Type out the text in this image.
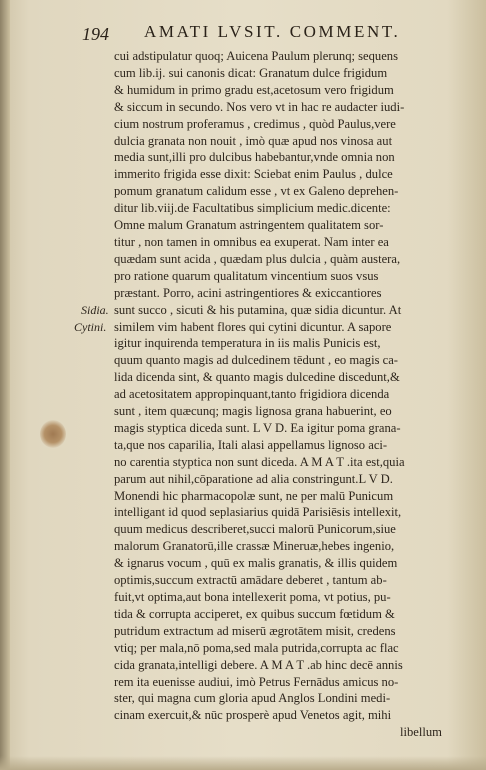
194 AMATI LVSIT. COMMENT.
Sidia.
Cytini.
cui adstipulatur quoq; Auicena Paulum plerunq; sequens
cum lib.ij. sui canonis dicat: Granatum dulce frigidum
& humidum in primo gradu est,acetosum vero frigidum
& siccum in secundo. Nos vero vt in hac re audacter iudi-
cium nostrum proferamus , credimus , quòd Paulus,vere
dulcia granata non nouit , imò quæ apud nos vinosa aut
media sunt,illi pro dulcibus habebantur,vnde omnia non
immerito frigida esse dixit: Sciebat enim Paulus , dulce
pomum granatum calidum esse , vt ex Galeno deprehen-
ditur lib.viij.de Facultatibus simplicium medic.dicente:
Omne malum Granatum astringentem qualitatem sor-
titur , non tamen in omnibus ea exuperat. Nam inter ea
quædam sunt acida , quædam plus dulcia , quàm austera,
pro ratione quarum qualitatum vincentium suos vsus
præstant. Porro, acini astringentiores & exiccantiores
sunt succo , sicuti & his putamina, quæ sidia dicuntur. At
similem vim habent flores qui cytini dicuntur. A sapore
igitur inquirenda temperatura in iis malis Punicis est,
quum quanto magis ad dulcedinem tēdunt , eo magis ca-
lida dicenda sint, & quanto magis dulcedine discedunt,&
ad acetositatem appropinquant,tanto frigidiora dicenda
sunt , item quæcunq; magis lignosa grana habuerint, eo
magis styptica diceda sunt. L V D. Ea igitur poma grana-
ta,que nos caparilia, Itali alasi appellamus lignoso aci-
no carentia styptica non sunt diceda. A M A T .ita est,quia
parum aut nihil,cōparatione ad alia constringunt.L V D.
Monendi hic pharmacopolæ sunt, ne per malū Punicum
intelligant id quod seplasiarius quidā Parisiēsis intellexit,
quum medicus describeret,succi malorū Punicorum,siue
malorum Granatorū,ille crassæ Mineruæ,hebes ingenio,
& ignarus vocum , quū ex malis granatis, & illis quidem
optimis,succum extractū amādare deberet , tantum ab-
fuit,vt optima,aut bona intellexerit poma, vt potius, pu-
tida & corrupta acciperet, ex quibus succum fœtidum &
putridum extractum ad miserū ægrotātem misit, credens
vtiq; per mala,nō poma,sed mala putrida,corrupta ac flac
cida granata,intelligi debere. A M A T .ab hinc decē annis
rem ita euenisse audiui, imò Petrus Fernādus amicus no-
ster, qui magna cum gloria apud Anglos Londini medi-
cinam exercuit,& nūc prosperè apud Venetos agit, mihi
libellum
